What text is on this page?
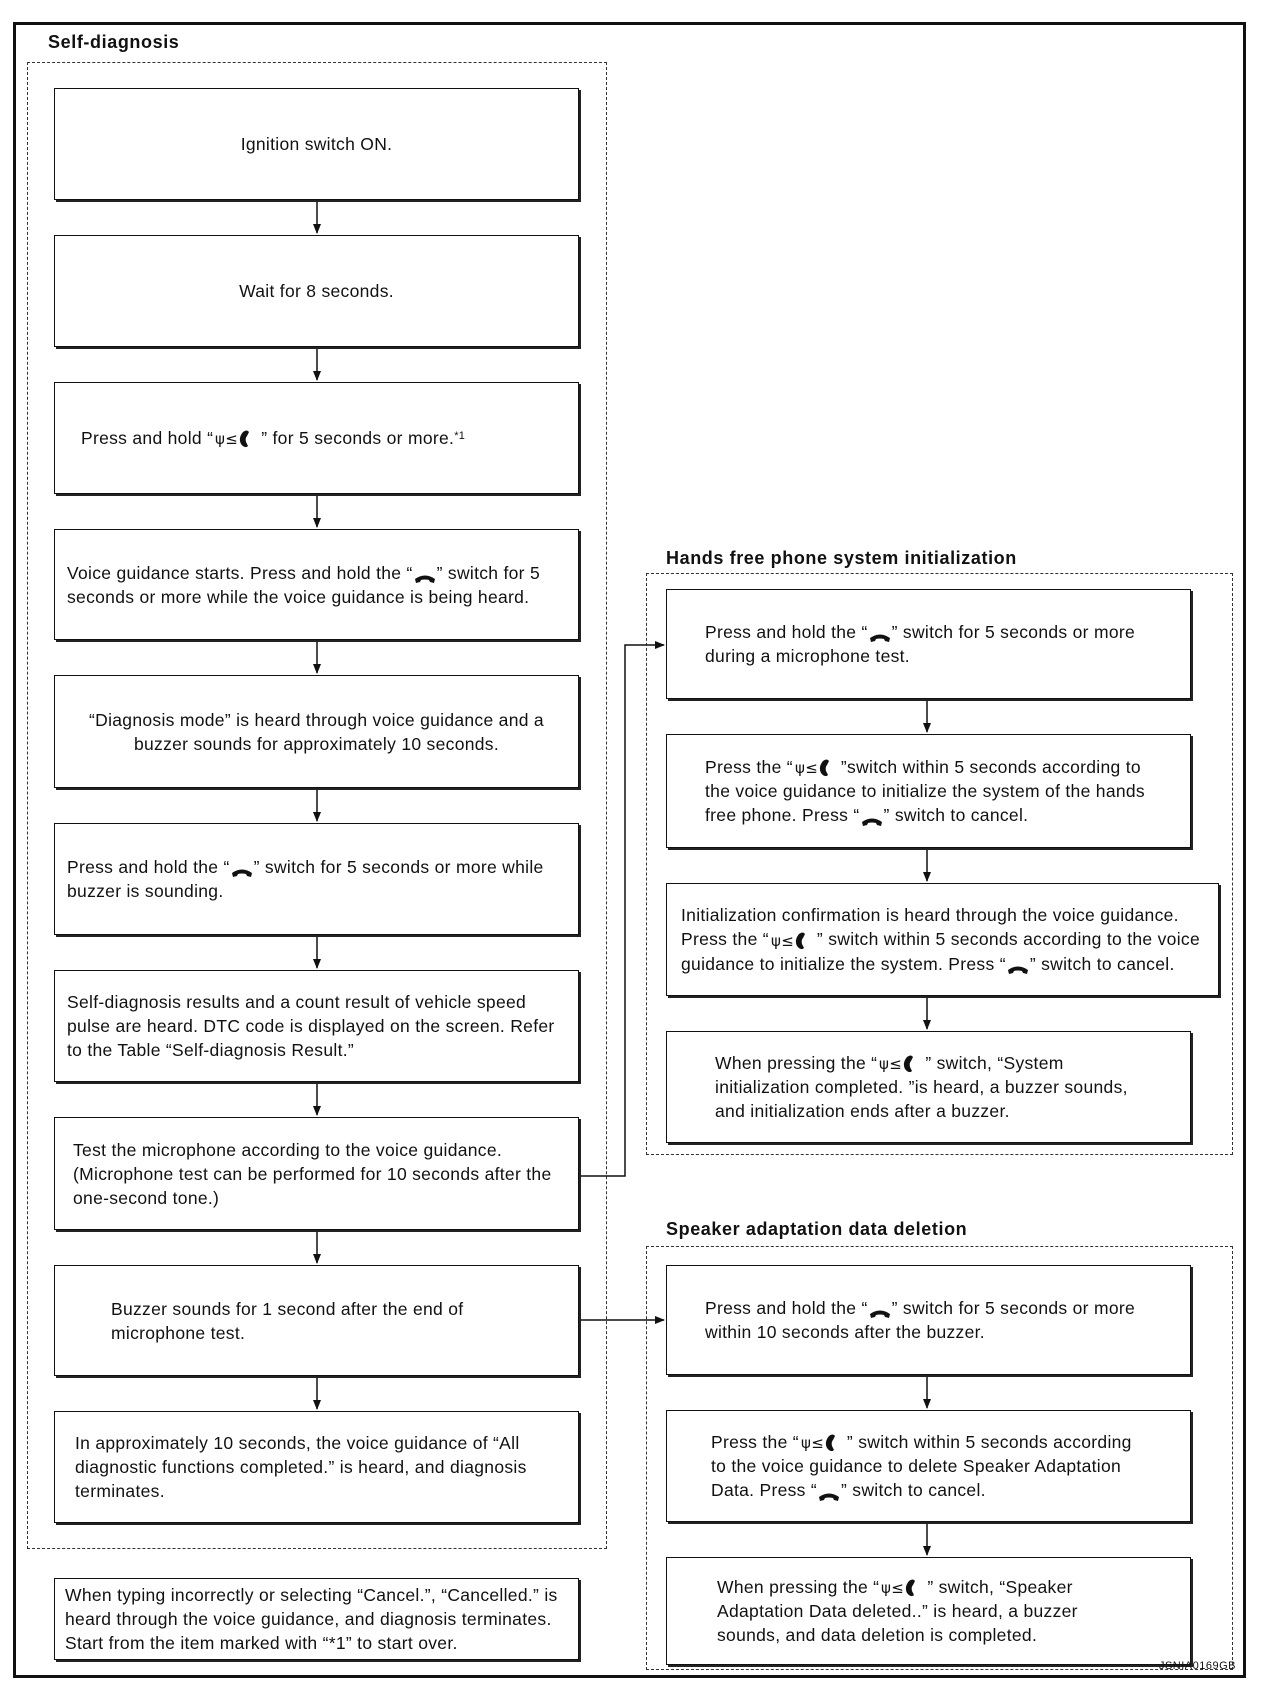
Self-diagnosis
Hands free phone system initialization
Speaker adaptation data deletion
Ignition switch ON.
Wait for 8 seconds.
Press and hold “ ψ≤ ” for 5 seconds or more.$^{*1}$
Voice guidance starts. Press and hold the “ ” switch for 5 seconds or more while the voice guidance is being heard.
“Diagnosis mode” is heard through voice guidance and a buzzer sounds for approximately 10 seconds.
Press and hold the “ ” switch for 5 seconds or more while buzzer is sounding.
Self-diagnosis results and a count result of vehicle speed pulse are heard. DTC code is displayed on the screen. Refer to the Table “Self-diagnosis Result.”
Test the microphone according to the voice guidance. (Microphone test can be performed for 10 seconds after the one-second tone.)
Buzzer sounds for 1 second after the end of microphone test.
In approximately 10 seconds, the voice guidance of “All diagnostic functions completed.” is heard, and diagnosis terminates.
When typing incorrectly or selecting “Cancel.”, “Cancelled.” is heard through the voice guidance, and diagnosis terminates. Start from the item marked with “*1” to start over.
Press and hold the “ ” switch for 5 seconds or more during a microphone test.
Press the “ ψ≤ ”switch within 5 seconds according to the voice guidance to initialize the system of the hands free phone. Press “ ” switch to cancel.
Initialization confirmation is heard through the voice guidance. Press the “ ψ≤ ” switch within 5 seconds according to the voice guidance to initialize the system. Press “ ” switch to cancel.
When pressing the “ ψ≤ ” switch, “System initialization completed. ”is heard, a buzzer sounds, and initialization ends after a buzzer.
Press and hold the “ ” switch for 5 seconds or more within 10 seconds after the buzzer.
Press the “ ψ≤ ” switch within 5 seconds according to the voice guidance to delete Speaker Adaptation Data. Press “ ” switch to cancel.
When pressing the “ ψ≤ ” switch, “Speaker Adaptation Data deleted..” is heard, a buzzer sounds, and data deletion is completed.
JSNIA0169GB
